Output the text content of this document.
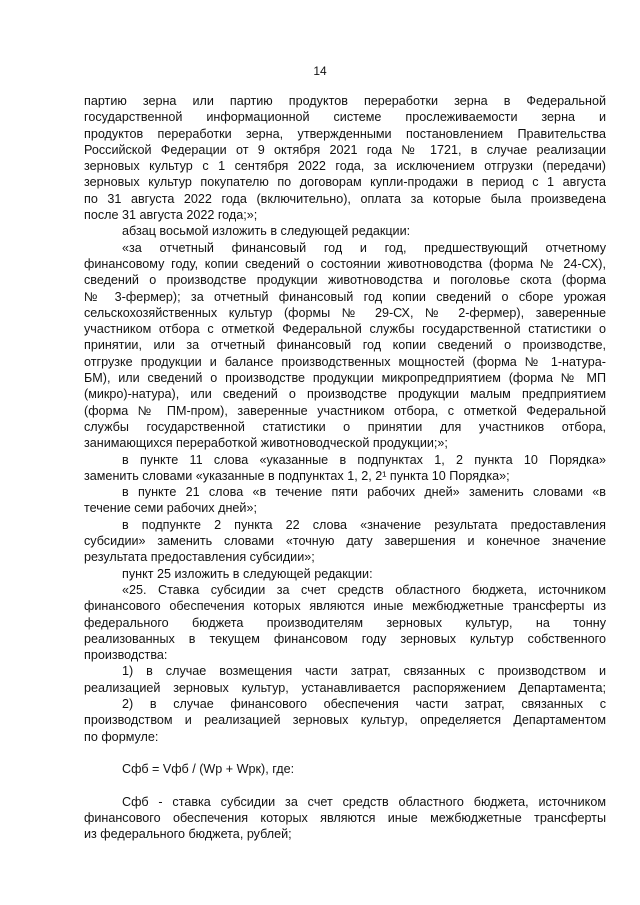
14
партию зерна или партию продуктов переработки зерна в Федеральной
государственной информационной системе прослеживаемости зерна и
продуктов переработки зерна, утвержденными постановлением Правительства
Российской Федерации от 9 октября 2021 года № 1721, в случае реализации
зерновых культур с 1 сентября 2022 года, за исключением отгрузки (передачи)
зерновых культур покупателю по договорам купли-продажи в период с 1 августа
по 31 августа 2022 года (включительно), оплата за которые была произведена
после 31 августа 2022 года;»;
абзац восьмой изложить в следующей редакции:
«за отчетный финансовый год и год, предшествующий отчетному
финансовому году, копии сведений о состоянии животноводства (форма № 24-СХ),
сведений о производстве продукции животноводства и поголовье скота (форма
№ 3-фермер); за отчетный финансовый год копии сведений о сборе урожая
сельскохозяйственных культур (формы № 29-СХ, № 2-фермер), заверенные
участником отбора с отметкой Федеральной службы государственной статистики о
принятии, или за отчетный финансовый год копии сведений о производстве,
отгрузке продукции и балансе производственных мощностей (форма № 1-натура-
БМ), или сведений о производстве продукции микропредприятием (форма № МП
(микро)-натура), или сведений о производстве продукции малым предприятием
(форма № ПМ-пром), заверенные участником отбора, с отметкой Федеральной
службы государственной статистики о принятии для участников отбора,
занимающихся переработкой животноводческой продукции;»;
в пункте 11 слова «указанные в подпунктах 1, 2 пункта 10 Порядка»
заменить словами «указанные в подпунктах 1, 2, 2¹ пункта 10 Порядка»;
в пункте 21 слова «в течение пяти рабочих дней» заменить словами «в
течение семи рабочих дней»;
в подпункте 2 пункта 22 слова «значение результата предоставления
субсидии» заменить словами «точную дату завершения и конечное значение
результата предоставления субсидии»;
пункт 25 изложить в следующей редакции:
«25. Ставка субсидии за счет средств областного бюджета, источником
финансового обеспечения которых являются иные межбюджетные трансферты из
федерального бюджета производителям зерновых культур, на тонну
реализованных в текущем финансовом году зерновых культур собственного
производства:
1) в случае возмещения части затрат, связанных с производством и
реализацией зерновых культур, устанавливается распоряжением Департамента;
2) в случае финансового обеспечения части затрат, связанных с
производством и реализацией зерновых культур, определяется Департаментом
по формуле:
Сфб = Vфб / (Wр + Wрк), где:
Сфб - ставка субсидии за счет средств областного бюджета, источником
финансового обеспечения которых являются иные межбюджетные трансферты
из федерального бюджета, рублей;
